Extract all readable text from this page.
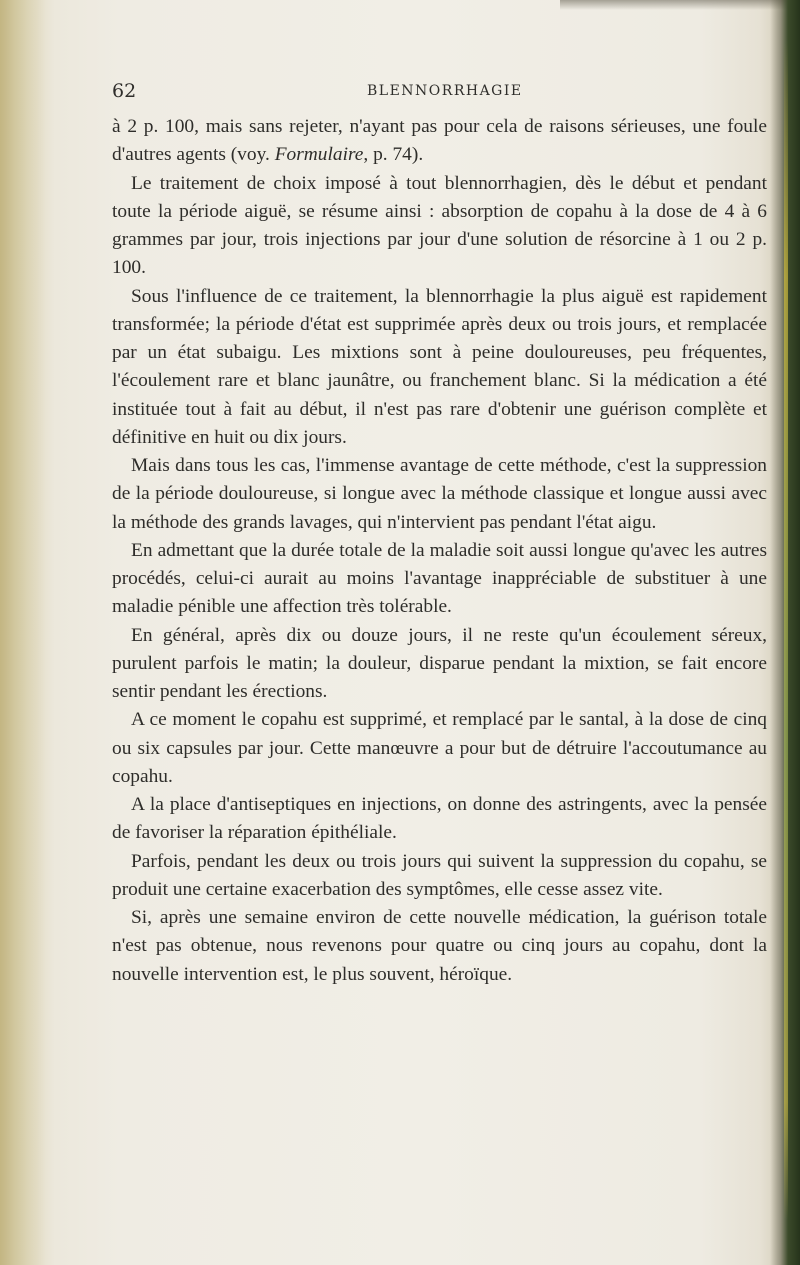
62	BLENNORRHAGIE

à 2 p. 100, mais sans rejeter, n'ayant pas pour cela de raisons sérieuses, une foule d'autres agents (voy. Formulaire, p. 74).

Le traitement de choix imposé à tout blennorrhagien, dès le début et pendant toute la période aiguë, se résume ainsi : absorption de copahu à la dose de 4 à 6 grammes par jour, trois injections par jour d'une solution de résorcine à 1 ou 2 p. 100.

Sous l'influence de ce traitement, la blennorrhagie la plus aiguë est rapidement transformée; la période d'état est supprimée après deux ou trois jours, et remplacée par un état subaigu. Les mixtions sont à peine douloureuses, peu fréquentes, l'écoulement rare et blanc jaunâtre, ou franchement blanc. Si la médication a été instituée tout à fait au début, il n'est pas rare d'obtenir une guérison complète et définitive en huit ou dix jours.

Mais dans tous les cas, l'immense avantage de cette méthode, c'est la suppression de la période douloureuse, si longue avec la méthode classique et longue aussi avec la méthode des grands lavages, qui n'intervient pas pendant l'état aigu.

En admettant que la durée totale de la maladie soit aussi longue qu'avec les autres procédés, celui-ci aurait au moins l'avantage inappréciable de substituer à une maladie pénible une affection très tolérable.

En général, après dix ou douze jours, il ne reste qu'un écoulement séreux, purulent parfois le matin; la douleur, disparue pendant la mixtion, se fait encore sentir pendant les érections.

A ce moment le copahu est supprimé, et remplacé par le santal, à la dose de cinq ou six capsules par jour. Cette manœuvre a pour but de détruire l'accoutumance au copahu.

A la place d'antiseptiques en injections, on donne des astringents, avec la pensée de favoriser la réparation épithéliale.

Parfois, pendant les deux ou trois jours qui suivent la suppression du copahu, se produit une certaine exacerbation des symptômes, elle cesse assez vite.

Si, après une semaine environ de cette nouvelle médication, la guérison totale n'est pas obtenue, nous revenons pour quatre ou cinq jours au copahu, dont la nouvelle intervention est, le plus souvent, héroïque.
